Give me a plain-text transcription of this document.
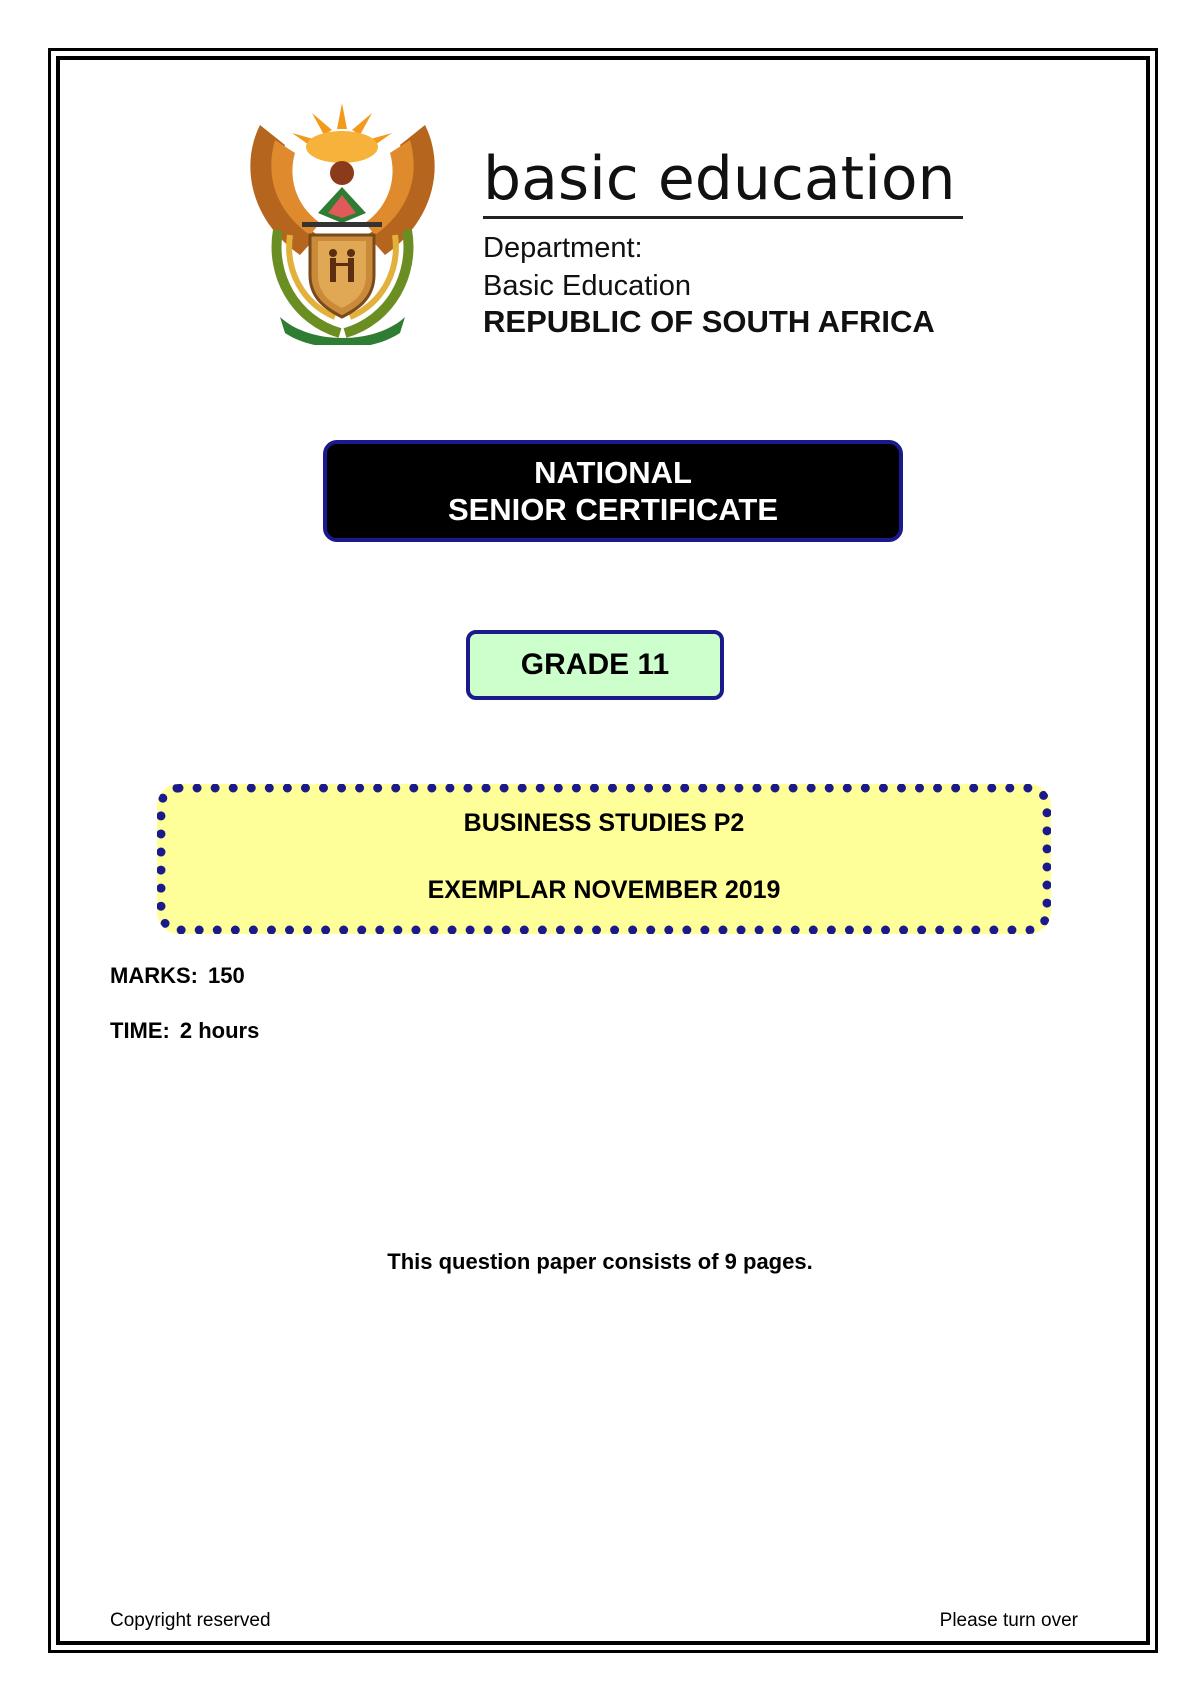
basic education
Department:
Basic Education
REPUBLIC OF SOUTH AFRICA
NATIONAL
SENIOR CERTIFICATE
GRADE 11
BUSINESS STUDIES P2
EXEMPLAR NOVEMBER 2019
MARKS: 150
TIME: 2 hours
This question paper consists of 9 pages.
Copyright reserved	Please turn over
